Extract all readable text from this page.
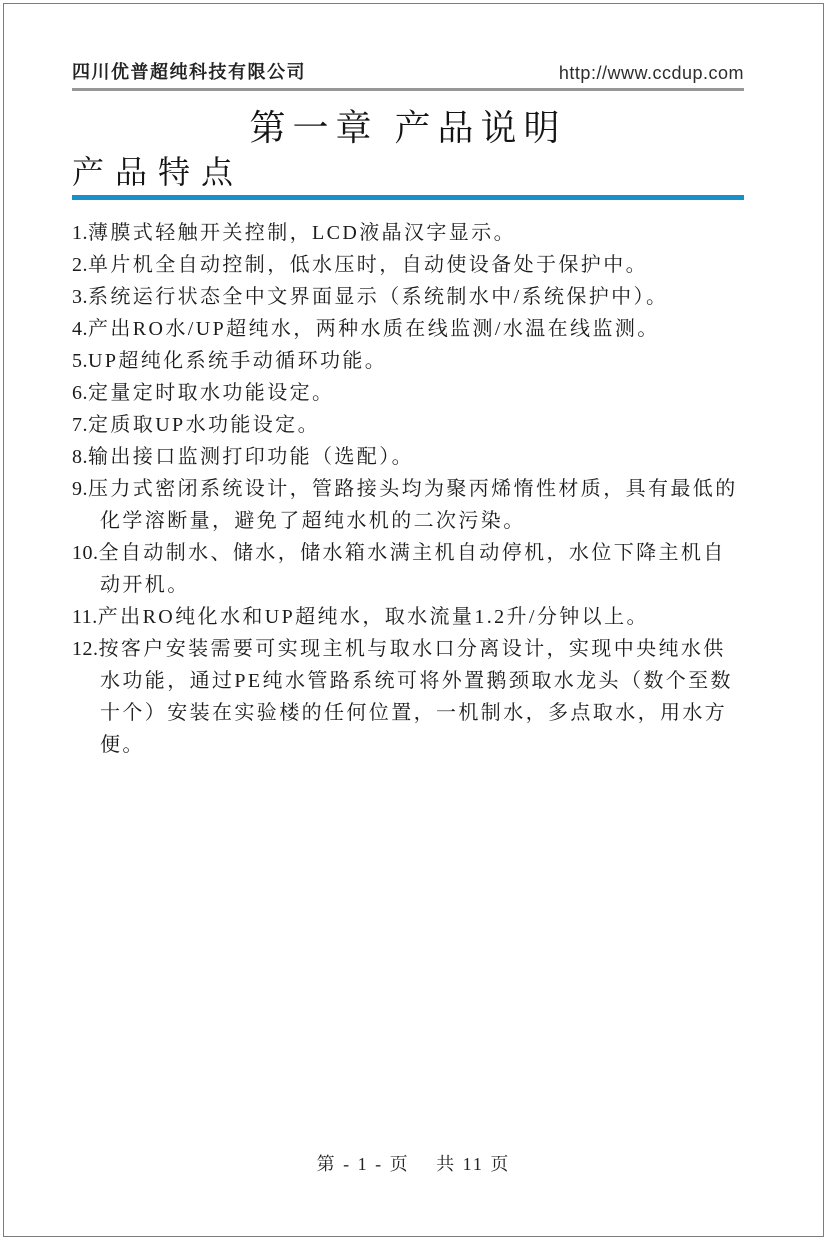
四川优普超纯科技有限公司	http://www.ccdup.com
第一章 产品说明
产品特点
1.薄膜式轻触开关控制，LCD液晶汉字显示。
2.单片机全自动控制，低水压时，自动使设备处于保护中。
3.系统运行状态全中文界面显示（系统制水中/系统保护中）。
4.产出RO水/UP超纯水，两种水质在线监测/水温在线监测。
5.UP超纯化系统手动循环功能。
6.定量定时取水功能设定。
7.定质取UP水功能设定。
8.输出接口监测打印功能（选配）。
9.压力式密闭系统设计，管路接头均为聚丙烯惰性材质，具有最低的化学溶断量，避免了超纯水机的二次污染。
10.全自动制水、储水，储水箱水满主机自动停机，水位下降主机自动开机。
11.产出RO纯化水和UP超纯水，取水流量1.2升/分钟以上。
12.按客户安装需要可实现主机与取水口分离设计，实现中央纯水供水功能，通过PE纯水管路系统可将外置鹅颈取水龙头（数个至数十个）安装在实验楼的任何位置，一机制水，多点取水，用水方便。
第 - 1 - 页　 共 11 页
